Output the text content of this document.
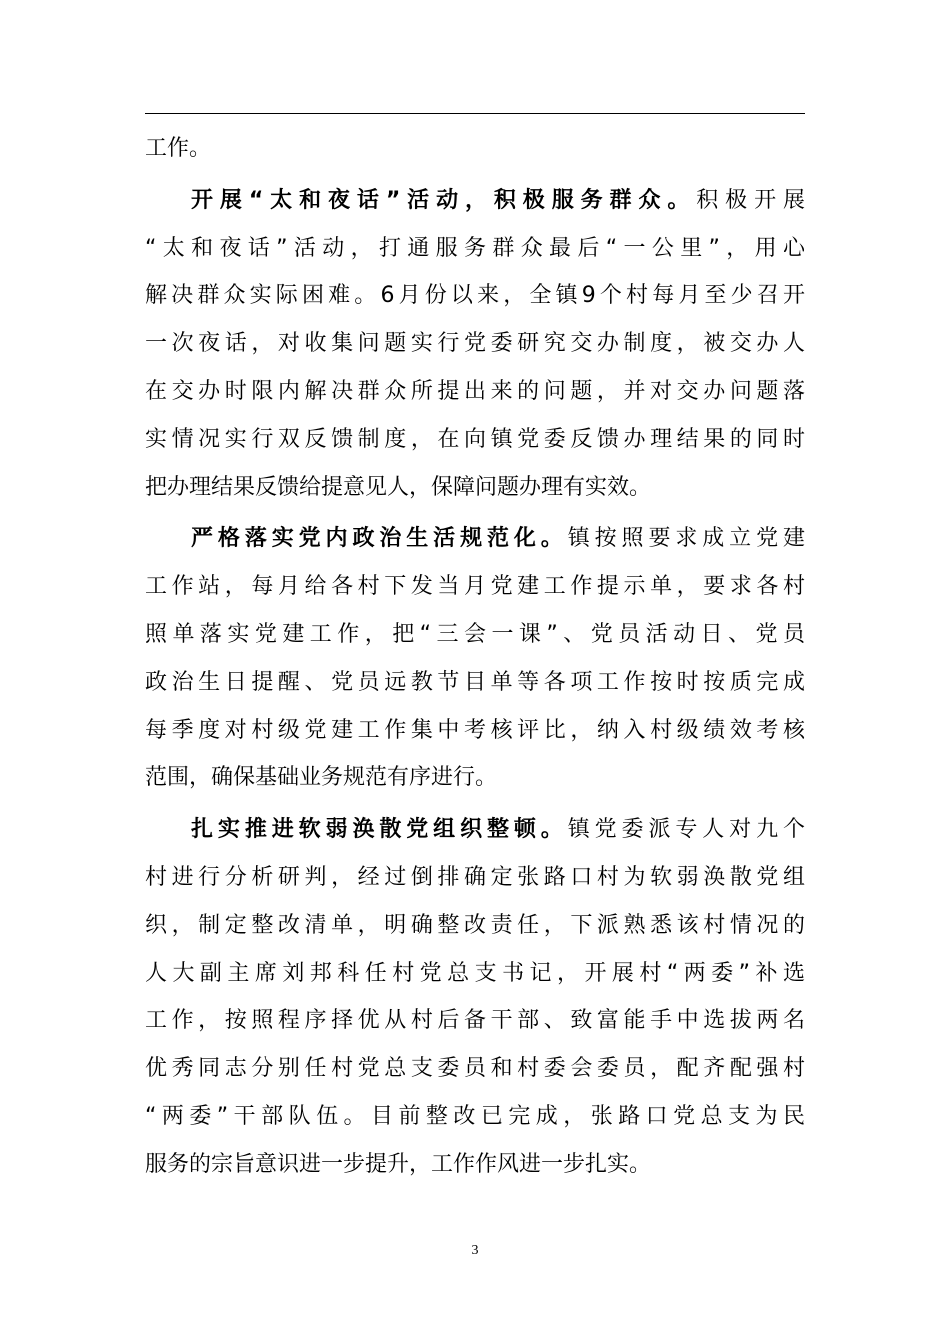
工作。
开展“太和夜话”活动，积极服务群众。积极开展
“太和夜话”活动，打通服务群众最后“一公里”，用心
解决群众实际困难。6月份以来，全镇9个村每月至少召开
一次夜话，对收集问题实行党委研究交办制度，被交办人
在交办时限内解决群众所提出来的问题，并对交办问题落
实情况实行双反馈制度，在向镇党委反馈办理结果的同时
把办理结果反馈给提意见人，保障问题办理有实效。
严格落实党内政治生活规范化。镇按照要求成立党建
工作站，每月给各村下发当月党建工作提示单，要求各村
照单落实党建工作，把“三会一课”、党员活动日、党员
政治生日提醒、党员远教节目单等各项工作按时按质完成
每季度对村级党建工作集中考核评比，纳入村级绩效考核
范围，确保基础业务规范有序进行。
扎实推进软弱涣散党组织整顿。镇党委派专人对九个
村进行分析研判，经过倒排确定张路口村为软弱涣散党组
织，制定整改清单，明确整改责任，下派熟悉该村情况的
人大副主席刘邦科任村党总支书记，开展村“两委”补选
工作，按照程序择优从村后备干部、致富能手中选拔两名
优秀同志分别任村党总支委员和村委会委员，配齐配强村
“两委”干部队伍。目前整改已完成，张路口党总支为民
服务的宗旨意识进一步提升，工作作风进一步扎实。
3
